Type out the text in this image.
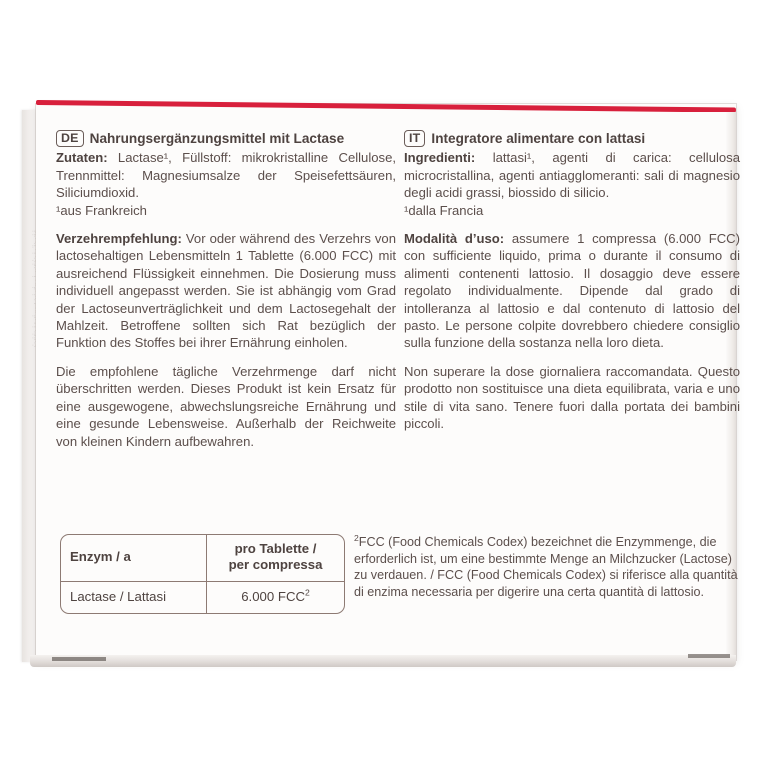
⠏⠗⠁⠑⠧⠁⠇⠑⠝⠞⠊⠁ ⠇⠁⠉⠞⠁⠎⠑ ⠋⠉⠉ ⠞⠁⠃⠇⠑⠞⠞⠑⠝
DE Nahrungsergänzungsmittel mit Lactase

Zutaten: Lactase¹, Füllstoff: mikrokristalline Cellulose, Trennmittel: Magnesiumsalze der Speisefettsäuren, Siliciumdioxid.

¹aus Frankreich

Verzehrempfehlung: Vor oder während des Verzehrs von lactosehaltigen Lebensmitteln 1 Tablette (6.000 FCC) mit ausreichend Flüssigkeit einnehmen. Die Dosierung muss individuell angepasst werden. Sie ist abhängig vom Grad der Lactoseunverträglichkeit und dem Lactosegehalt der Mahlzeit. Betroffene sollten sich Rat bezüglich der Funktion des Stoffes bei ihrer Ernährung einholen.

Die empfohlene tägliche Verzehrmenge darf nicht überschritten werden. Dieses Produkt ist kein Ersatz für eine ausgewogene, abwechslungsreiche Ernährung und eine gesunde Lebensweise. Außerhalb der Reichweite von kleinen Kindern aufbewahren.

IT Integratore alimentare con lattasi

Ingredienti: lattasi¹, agenti di carica: cellulosa microcristallina, agenti antiagglomeranti: sali di magnesio degli acidi grassi, biossido di silicio.

¹dalla Francia

Modalità d’uso: assumere 1 compressa (6.000 FCC) con sufficiente liquido, prima o durante il consumo di alimenti contenenti lattosio. Il dosaggio deve essere regolato individualmente. Dipende dal grado di intolleranza al lattosio e dal contenuto di lattosio del pasto. Le persone colpite dovrebbero chiedere consiglio sulla funzione della sostanza nella loro dieta.

Non superare la dose giornaliera raccomandata. Questo prodotto non sostituisce una dieta equilibrata, varia e uno stile di vita sano. Tenere fuori dalla portata dei bambini piccoli.

Enzym / a
pro Tablette /
per compressa
Lactase / Lattasi	6.000 FCC$^2$
$^2$FCC (Food Chemicals Codex) bezeichnet die Enzymmenge, die erforderlich ist, um eine bestimmte Menge an Milchzucker (Lactose) zu verdauen. / FCC (Food Chemicals Codex) si riferisce alla quantità di enzima necessaria per digerire una certa quantità di lattosio.
